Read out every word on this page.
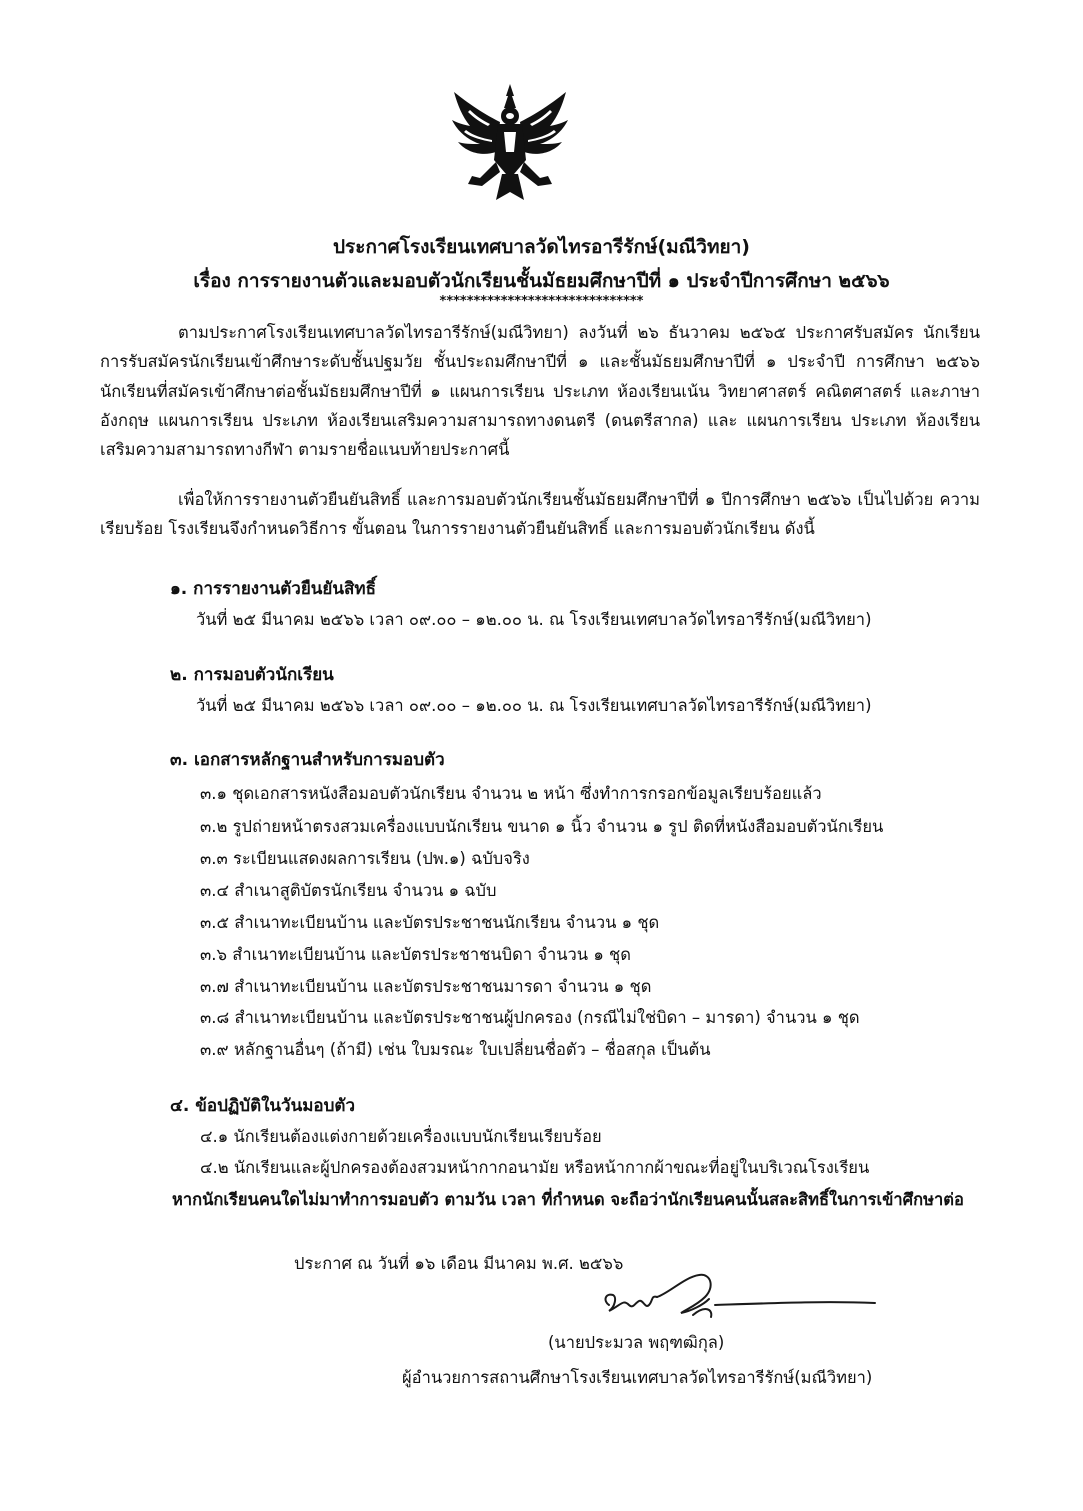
ประกาศโรงเรียนเทศบาลวัดไทรอารีรักษ์(มณีวิทยา)
เรื่อง การรายงานตัวและมอบตัวนักเรียนชั้นมัธยมศึกษาปีที่ ๑ ประจำปีการศึกษา ๒๕๖๖
******************************
ตามประกาศโรงเรียนเทศบาลวัดไทรอารีรักษ์(มณีวิทยา) ลงวันที่ ๒๖ ธันวาคม ๒๕๖๕ ประกาศรับสมัคร นักเรียนการรับสมัครนักเรียนเข้าศึกษาระดับชั้นปฐมวัย ชั้นประถมศึกษาปีที่ ๑ และชั้นมัธยมศึกษาปีที่ ๑ ประจำปี การศึกษา ๒๕๖๖ นักเรียนที่สมัครเข้าศึกษาต่อชั้นมัธยมศึกษาปีที่ ๑ แผนการเรียน ประเภท ห้องเรียนเน้น วิทยาศาสตร์ คณิตศาสตร์ และภาษาอังกฤษ แผนการเรียน ประเภท ห้องเรียนเสริมความสามารถทางดนตรี (ดนตรีสากล) และ แผนการเรียน ประเภท ห้องเรียนเสริมความสามารถทางกีฬา ตามรายชื่อแนบท้ายประกาศนี้
เพื่อให้การรายงานตัวยืนยันสิทธิ์ และการมอบตัวนักเรียนชั้นมัธยมศึกษาปีที่ ๑ ปีการศึกษา ๒๕๖๖ เป็นไปด้วย ความเรียบร้อย โรงเรียนจึงกำหนดวิธีการ ขั้นตอน ในการรายงานตัวยืนยันสิทธิ์ และการมอบตัวนักเรียน ดังนี้
๑. การรายงานตัวยืนยันสิทธิ์
วันที่ ๒๕ มีนาคม ๒๕๖๖ เวลา ๐๙.๐๐ – ๑๒.๐๐ น. ณ โรงเรียนเทศบาลวัดไทรอารีรักษ์(มณีวิทยา)
๒. การมอบตัวนักเรียน
วันที่ ๒๕ มีนาคม ๒๕๖๖ เวลา ๐๙.๐๐ – ๑๒.๐๐ น. ณ โรงเรียนเทศบาลวัดไทรอารีรักษ์(มณีวิทยา)
๓. เอกสารหลักฐานสำหรับการมอบตัว
๓.๑ ชุดเอกสารหนังสือมอบตัวนักเรียน จำนวน ๒ หน้า ซึ่งทำการกรอกข้อมูลเรียบร้อยแล้ว
๓.๒ รูปถ่ายหน้าตรงสวมเครื่องแบบนักเรียน ขนาด ๑ นิ้ว จำนวน ๑ รูป ติดที่หนังสือมอบตัวนักเรียน
๓.๓ ระเบียนแสดงผลการเรียน (ปพ.๑) ฉบับจริง
๓.๔ สำเนาสูติบัตรนักเรียน จำนวน ๑ ฉบับ
๓.๕ สำเนาทะเบียนบ้าน และบัตรประชาชนนักเรียน จำนวน ๑ ชุด
๓.๖ สำเนาทะเบียนบ้าน และบัตรประชาชนบิดา จำนวน ๑ ชุด
๓.๗ สำเนาทะเบียนบ้าน และบัตรประชาชนมารดา จำนวน ๑ ชุด
๓.๘ สำเนาทะเบียนบ้าน และบัตรประชาชนผู้ปกครอง (กรณีไม่ใช่บิดา – มารดา) จำนวน ๑ ชุด
๓.๙ หลักฐานอื่นๆ (ถ้ามี) เช่น ใบมรณะ ใบเปลี่ยนชื่อตัว – ชื่อสกุล เป็นต้น
๔. ข้อปฏิบัติในวันมอบตัว
๔.๑ นักเรียนต้องแต่งกายด้วยเครื่องแบบนักเรียนเรียบร้อย
๔.๒ นักเรียนและผู้ปกครองต้องสวมหน้ากากอนามัย หรือหน้ากากผ้าขณะที่อยู่ในบริเวณโรงเรียน
หากนักเรียนคนใดไม่มาทำการมอบตัว ตามวัน เวลา ที่กำหนด จะถือว่านักเรียนคนนั้นสละสิทธิ์ในการเข้าศึกษาต่อ
ประกาศ ณ วันที่ ๑๖ เดือน มีนาคม พ.ศ. ๒๕๖๖
(นายประมวล พฤฑฒิกุล)
ผู้อำนวยการสถานศึกษาโรงเรียนเทศบาลวัดไทรอารีรักษ์(มณีวิทยา)
